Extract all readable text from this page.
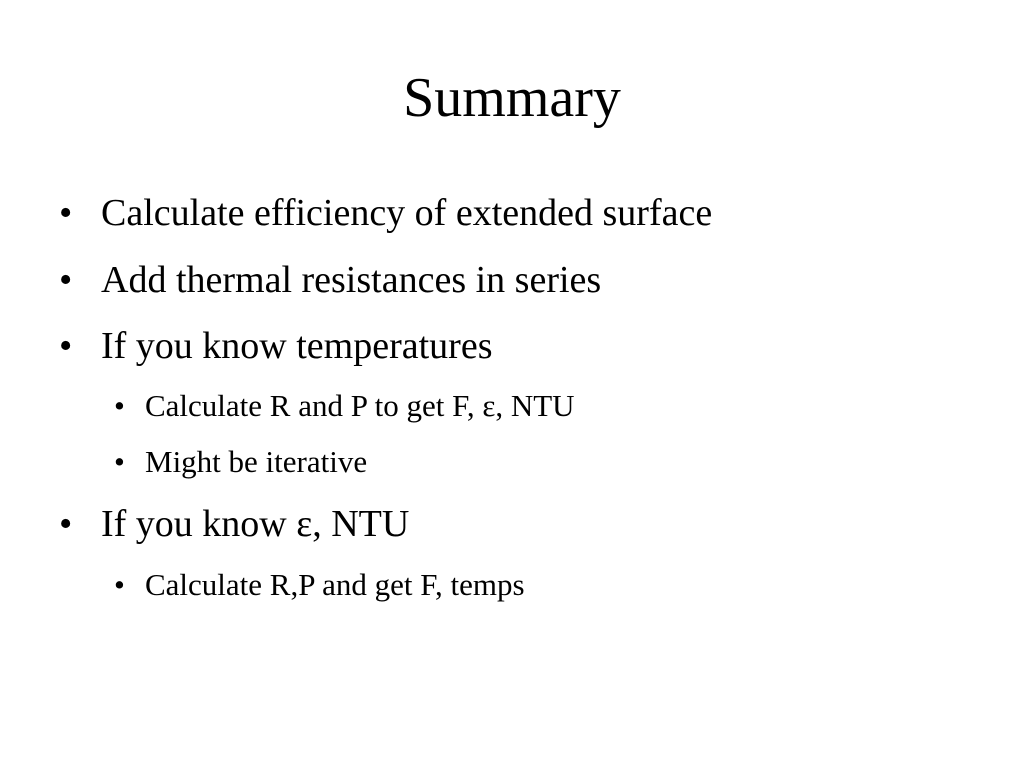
Summary
• Calculate efficiency of extended surface
• Add thermal resistances in series
• If you know temperatures
• Calculate R and P to get F, ε, NTU
• Might be iterative
• If you know ε, NTU
• Calculate R,P and get F, temps
